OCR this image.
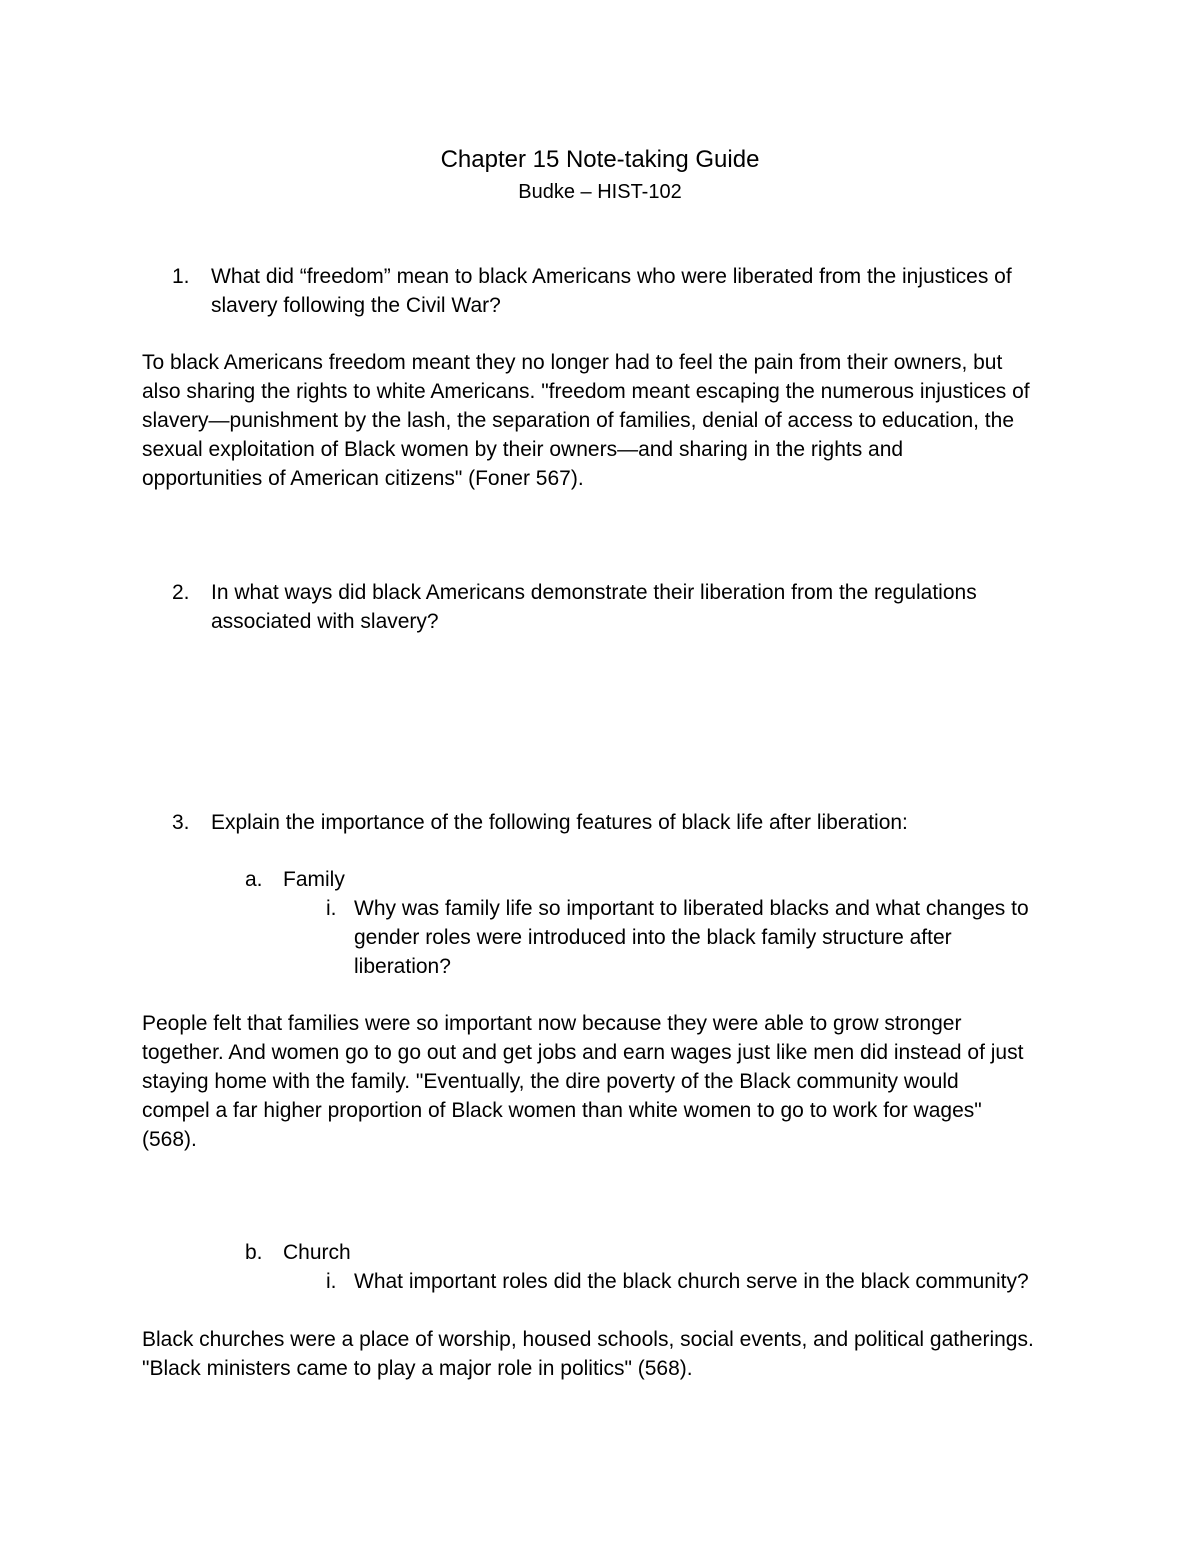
Chapter 15 Note-taking Guide
Budke – HIST-102
1. What did “freedom” mean to black Americans who were liberated from the injustices of
slavery following the Civil War?
To black Americans freedom meant they no longer had to feel the pain from their owners, but
also sharing the rights to white Americans. "freedom meant escaping the numerous injustices of
slavery—punishment by the lash, the separation of families, denial of access to education, the
sexual exploitation of Black women by their owners—and sharing in the rights and
opportunities of American citizens" (Foner 567).
2. In what ways did black Americans demonstrate their liberation from the regulations
associated with slavery?
3. Explain the importance of the following features of black life after liberation:
a. Family
i. Why was family life so important to liberated blacks and what changes to
gender roles were introduced into the black family structure after
liberation?
People felt that families were so important now because they were able to grow stronger
together. And women go to go out and get jobs and earn wages just like men did instead of just
staying home with the family. "Eventually, the dire poverty of the Black community would
compel a far higher proportion of Black women than white women to go to work for wages"
(568).
b. Church
i. What important roles did the black church serve in the black community?
Black churches were a place of worship, housed schools, social events, and political gatherings.
"Black ministers came to play a major role in politics" (568).
